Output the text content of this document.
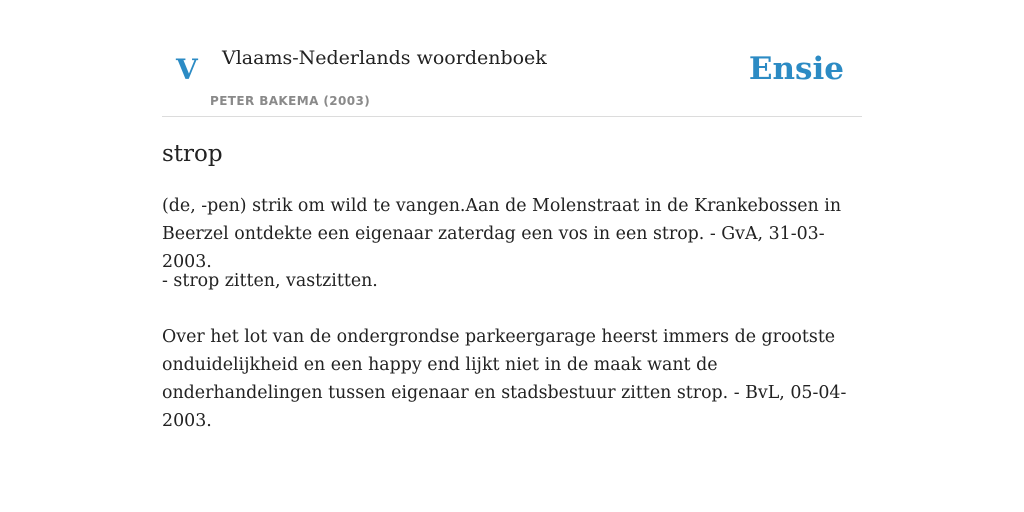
V Vlaams-Nederlands woordenboek
PETER BAKEMA (2003)
Ensie
strop
(de, -pen) strik om wild te vangen.Aan de Molenstraat in de Krankebossen in Beerzel ontdekte een eigenaar zaterdag een vos in een strop. - GvA, 31-03-2003.
- strop zitten, vastzitten.
Over het lot van de ondergrondse parkeergarage heerst immers de grootste onduidelijkheid en een happy end lijkt niet in de maak want de onderhandelingen tussen eigenaar en stadsbestuur zitten strop. - BvL, 05-04-2003.
